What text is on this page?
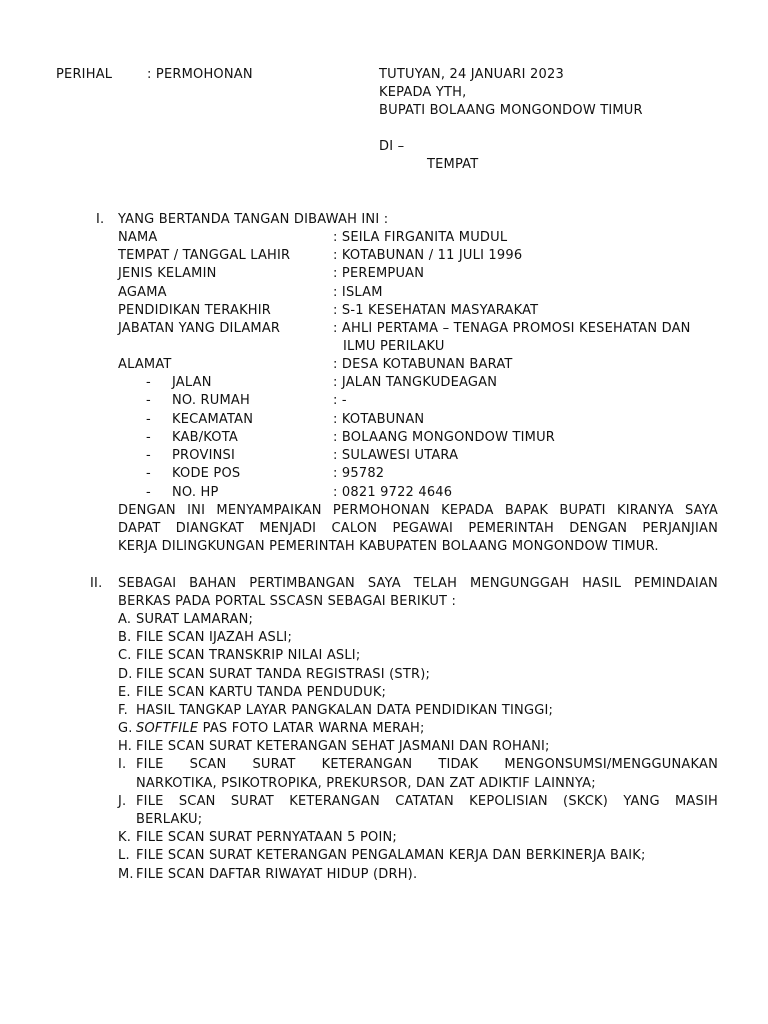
PERIHAL	: PERMOHONAN	TUTUYAN, 24 JANUARI 2023
KEPADA YTH,
BUPATI BOLAANG MONGONDOW TIMUR
DI –
TEMPAT
I. YANG BERTANDA TANGAN DIBAWAH INI :
NAMA	: SEILA FIRGANITA MUDUL
TEMPAT / TANGGAL LAHIR	: KOTABUNAN / 11 JULI 1996
JENIS KELAMIN	: PEREMPUAN
AGAMA	: ISLAM
PENDIDIKAN TERAKHIR	: S-1 KESEHATAN MASYARAKAT
JABATAN YANG DILAMAR	: AHLI PERTAMA – TENAGA PROMOSI KESEHATAN DAN
ILMU PERILAKU
ALAMAT	: DESA KOTABUNAN BARAT
- JALAN	: JALAN TANGKUDEAGAN
- NO. RUMAH	: -
- KECAMATAN	: KOTABUNAN
- KAB/KOTA	: BOLAANG MONGONDOW TIMUR
- PROVINSI	: SULAWESI UTARA
- KODE POS	: 95782
- NO. HP	: 0821 9722 4646
DENGAN INI MENYAMPAIKAN PERMOHONAN KEPADA BAPAK BUPATI KIRANYA SAYA
DAPAT DIANGKAT MENJADI CALON PEGAWAI PEMERINTAH DENGAN PERJANJIAN
KERJA DILINGKUNGAN PEMERINTAH KABUPATEN BOLAANG MONGONDOW TIMUR.
II. SEBAGAI BAHAN PERTIMBANGAN SAYA TELAH MENGUNGGAH HASIL PEMINDAIAN
BERKAS PADA PORTAL SSCASN SEBAGAI BERIKUT :
A. SURAT LAMARAN;
B. FILE SCAN IJAZAH ASLI;
C. FILE SCAN TRANSKRIP NILAI ASLI;
D. FILE SCAN SURAT TANDA REGISTRASI (STR);
E. FILE SCAN KARTU TANDA PENDUDUK;
F. HASIL TANGKAP LAYAR PANGKALAN DATA PENDIDIKAN TINGGI;
G. SOFTFILE PAS FOTO LATAR WARNA MERAH;
H. FILE SCAN SURAT KETERANGAN SEHAT JASMANI DAN ROHANI;
I. FILE SCAN SURAT KETERANGAN TIDAK MENGONSUMSI/MENGGUNAKAN
NARKOTIKA, PSIKOTROPIKA, PREKURSOR, DAN ZAT ADIKTIF LAINNYA;
J. FILE SCAN SURAT KETERANGAN CATATAN KEPOLISIAN (SKCK) YANG MASIH
BERLAKU;
K. FILE SCAN SURAT PERNYATAAN 5 POIN;
L. FILE SCAN SURAT KETERANGAN PENGALAMAN KERJA DAN BERKINERJA BAIK;
M. FILE SCAN DAFTAR RIWAYAT HIDUP (DRH).
